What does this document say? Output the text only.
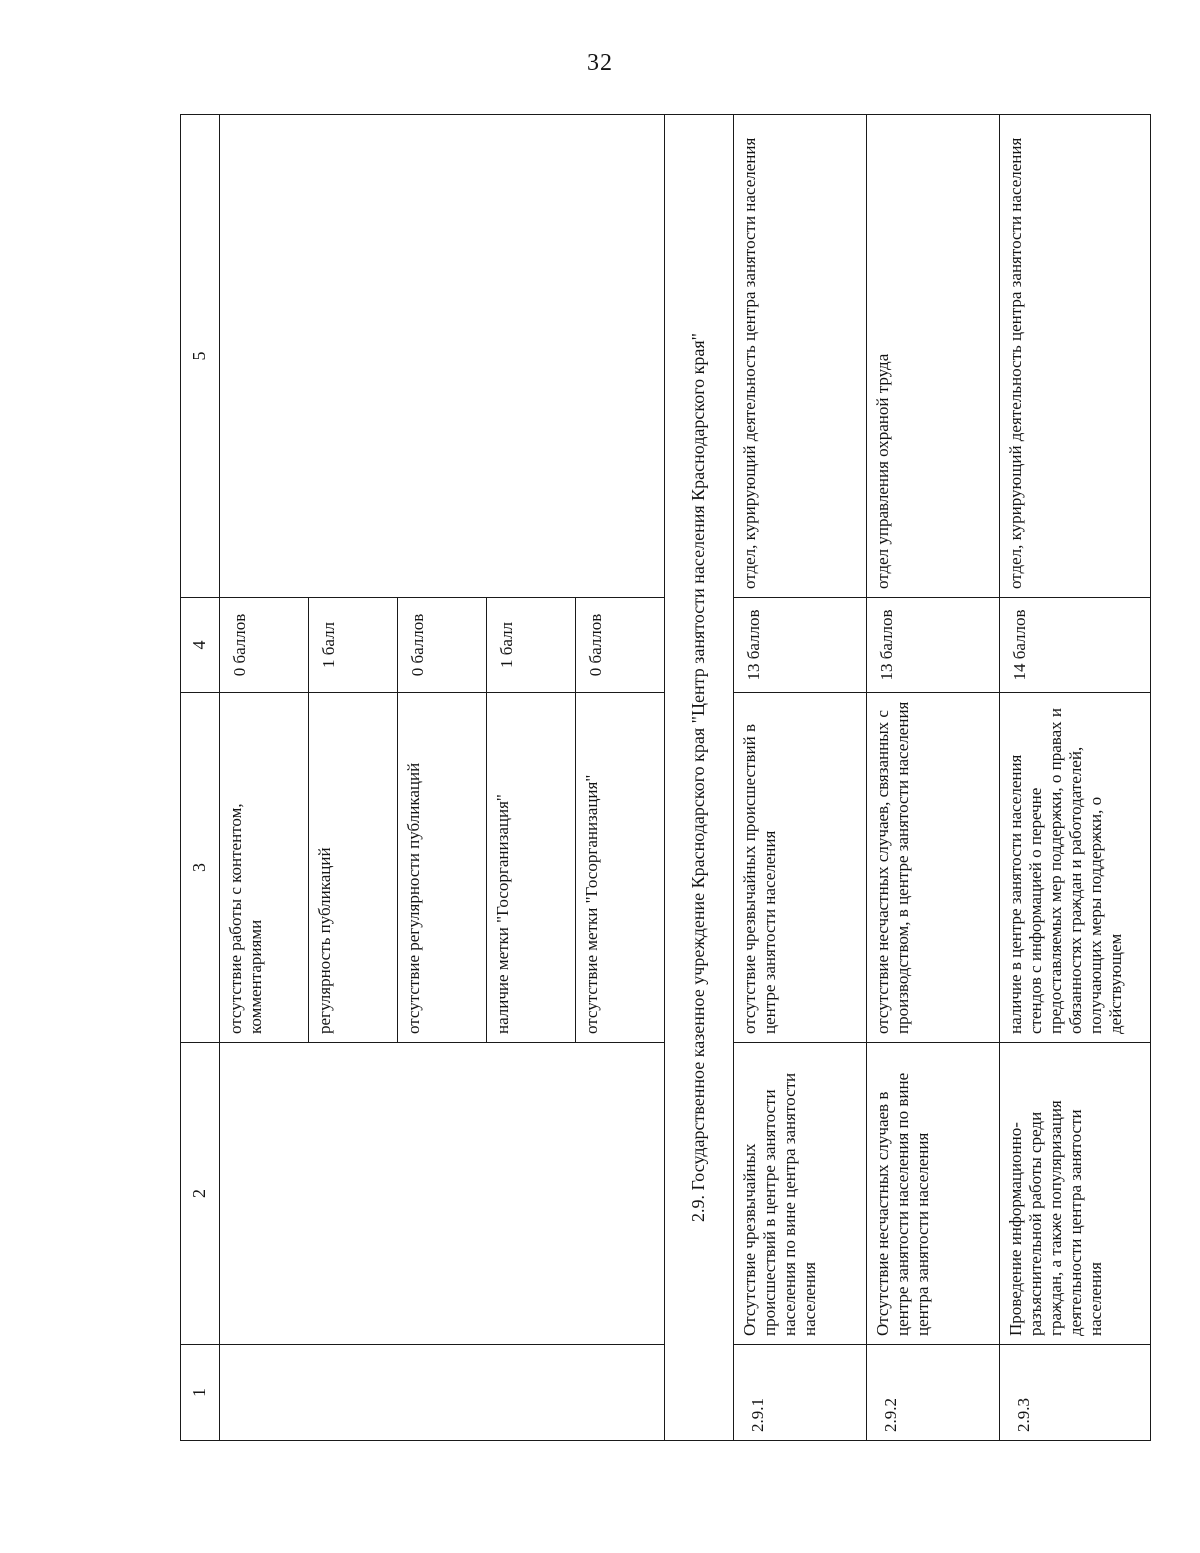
32
1	2	3	4	5
		отсутствие работы с контентом, комментариями	0 баллов	
		регулярность публикаций	1 балл	
		отсутствие регулярности публикаций	0 баллов	
		наличие метки "Госорганизация"	1 балл	
		отсутствие метки "Госорганизация"	0 баллов	
2.9. Государственное казенное учреждение Краснодарского края "Центр занятости населения Краснодарского края"				
2.9.1	Отсутствие чрезвычайных происшествий в центре занятости населения по вине центра занятости населения	отсутствие чрезвычайных происшествий в центре занятости населения	13 баллов	отдел, курирующий деятельность центра занятости населения
2.9.2	Отсутствие несчастных случаев в центре занятости населения по вине центра занятости населения	отсутствие несчастных случаев, связанных с производством, в центре занятости населения	13 баллов	отдел управления охраной труда
2.9.3	Проведение информационно-разъяснительной работы среди граждан, а также популяризация деятельности центра занятости населения	наличие в центре занятости населения стендов с информацией о перечне предоставляемых мер поддержки, о правах и обязанностях граждан и работодателей, получающих меры поддержки, о действующем	14 баллов	отдел, курирующий деятельность центра занятости населения
